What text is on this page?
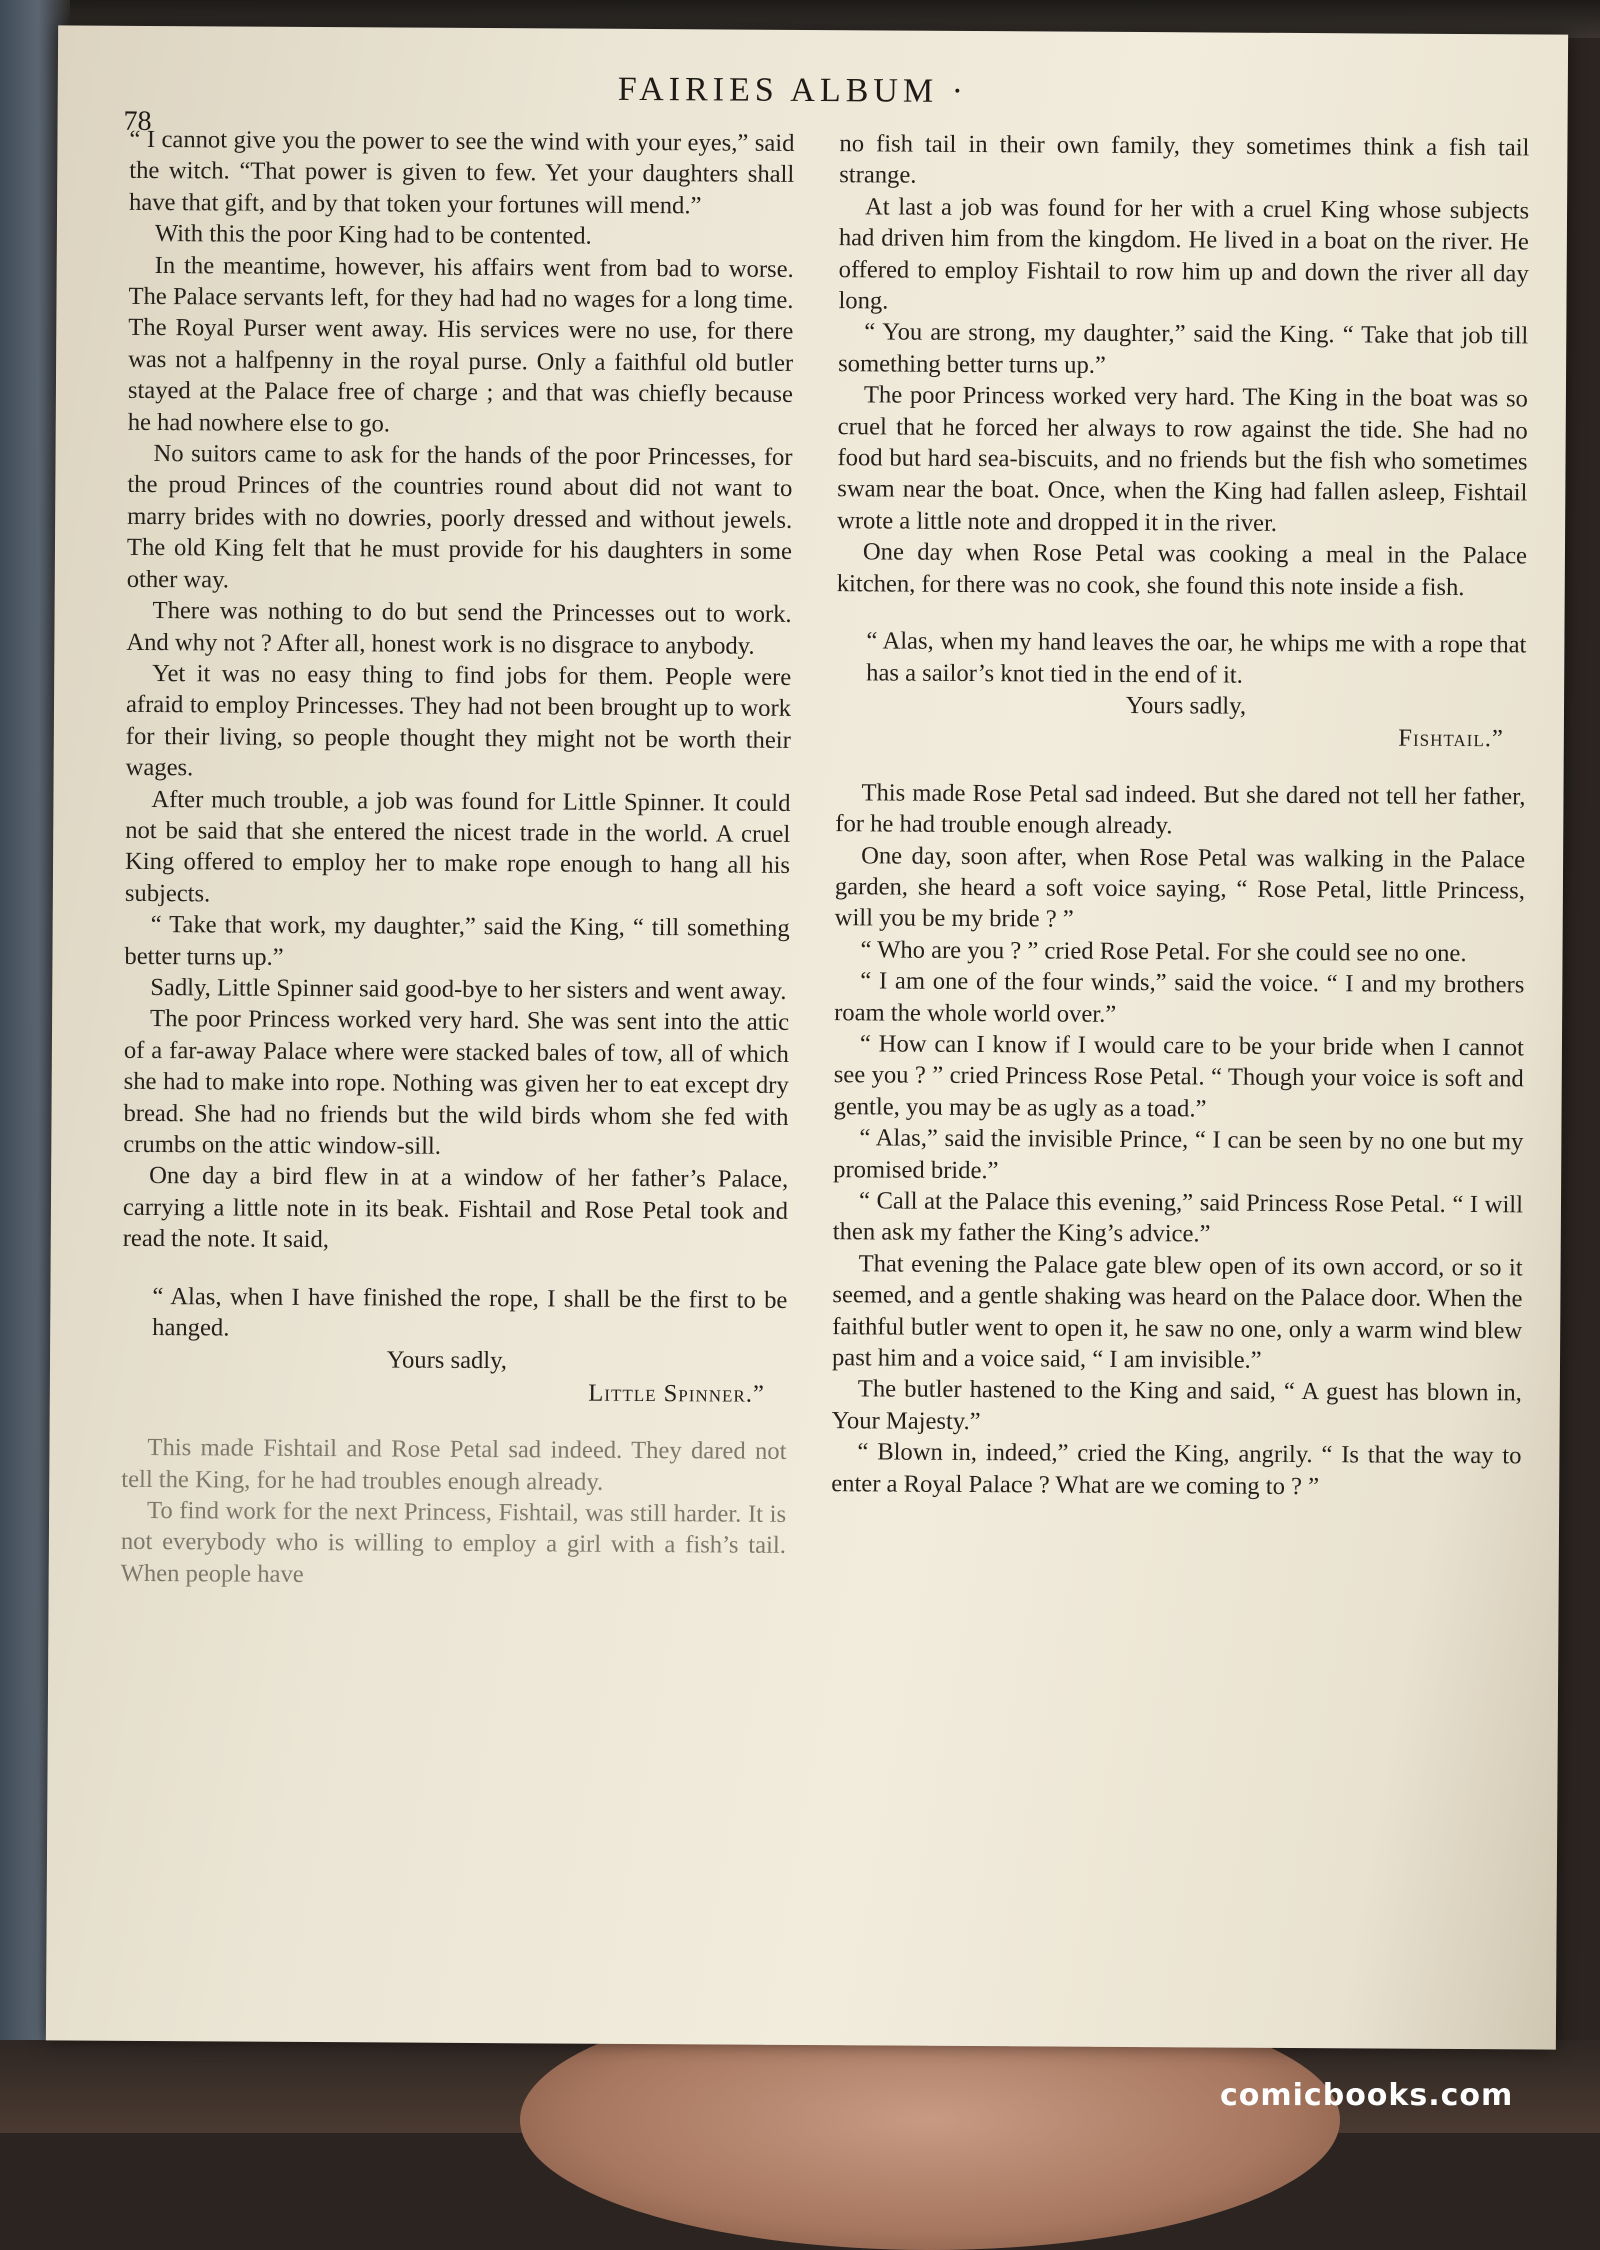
78
FAIRIES ALBUM ·

“ I cannot give you the power to see the wind with your eyes,” said the witch. “That power is given to few. Yet your daughters shall have that gift, and by that token your fortunes will mend.”

With this the poor King had to be contented.

In the meantime, however, his affairs went from bad to worse. The Palace servants left, for they had had no wages for a long time. The Royal Purser went away. His services were no use, for there was not a halfpenny in the royal purse. Only a faithful old butler stayed at the Palace free of charge ; and that was chiefly because he had nowhere else to go.

No suitors came to ask for the hands of the poor Princesses, for the proud Princes of the countries round about did not want to marry brides with no dowries, poorly dressed and without jewels. The old King felt that he must provide for his daughters in some other way.

There was nothing to do but send the Princesses out to work. And why not ? After all, honest work is no disgrace to anybody.

Yet it was no easy thing to find jobs for them. People were afraid to employ Princesses. They had not been brought up to work for their living, so people thought they might not be worth their wages.

After much trouble, a job was found for Little Spinner. It could not be said that she entered the nicest trade in the world. A cruel King offered to employ her to make rope enough to hang all his subjects.

“ Take that work, my daughter,” said the King, “ till something better turns up.”

Sadly, Little Spinner said good-bye to her sisters and went away.

The poor Princess worked very hard. She was sent into the attic of a far-away Palace where were stacked bales of tow, all of which she had to make into rope. Nothing was given her to eat except dry bread. She had no friends but the wild birds whom she fed with crumbs on the attic window-sill.

One day a bird flew in at a window of her father’s Palace, carrying a little note in its beak. Fishtail and Rose Petal took and read the note. It said,

“ Alas, when I have finished the rope, I shall be the first to be hanged.

Yours sadly,

Little Spinner.”

This made Fishtail and Rose Petal sad indeed. They dared not tell the King, for he had troubles enough already.

To find work for the next Princess, Fishtail, was still harder. It is not everybody who is willing to employ a girl with a fish’s tail. When people have

no fish tail in their own family, they sometimes think a fish tail strange.

At last a job was found for her with a cruel King whose subjects had driven him from the kingdom. He lived in a boat on the river. He offered to employ Fishtail to row him up and down the river all day long.

“ You are strong, my daughter,” said the King. “ Take that job till something better turns up.”

The poor Princess worked very hard. The King in the boat was so cruel that he forced her always to row against the tide. She had no food but hard sea-biscuits, and no friends but the fish who sometimes swam near the boat. Once, when the King had fallen asleep, Fishtail wrote a little note and dropped it in the river.

One day when Rose Petal was cooking a meal in the Palace kitchen, for there was no cook, she found this note inside a fish.

“ Alas, when my hand leaves the oar, he whips me with a rope that has a sailor’s knot tied in the end of it.

Yours sadly,

Fishtail.”

This made Rose Petal sad indeed. But she dared not tell her father, for he had trouble enough already.

One day, soon after, when Rose Petal was walking in the Palace garden, she heard a soft voice saying, “ Rose Petal, little Princess, will you be my bride ? ”

“ Who are you ? ” cried Rose Petal. For she could see no one.

“ I am one of the four winds,” said the voice. “ I and my brothers roam the whole world over.”

“ How can I know if I would care to be your bride when I cannot see you ? ” cried Princess Rose Petal. “ Though your voice is soft and gentle, you may be as ugly as a toad.”

“ Alas,” said the invisible Prince, “ I can be seen by no one but my promised bride.”

“ Call at the Palace this evening,” said Princess Rose Petal. “ I will then ask my father the King’s advice.”

That evening the Palace gate blew open of its own accord, or so it seemed, and a gentle shaking was heard on the Palace door. When the faithful butler went to open it, he saw no one, only a warm wind blew past him and a voice said, “ I am invisible.”

The butler hastened to the King and said, “ A guest has blown in, Your Majesty.”

“ Blown in, indeed,” cried the King, angrily. “ Is that the way to enter a Royal Palace ? What are we coming to ? ”

comicbooks.com
